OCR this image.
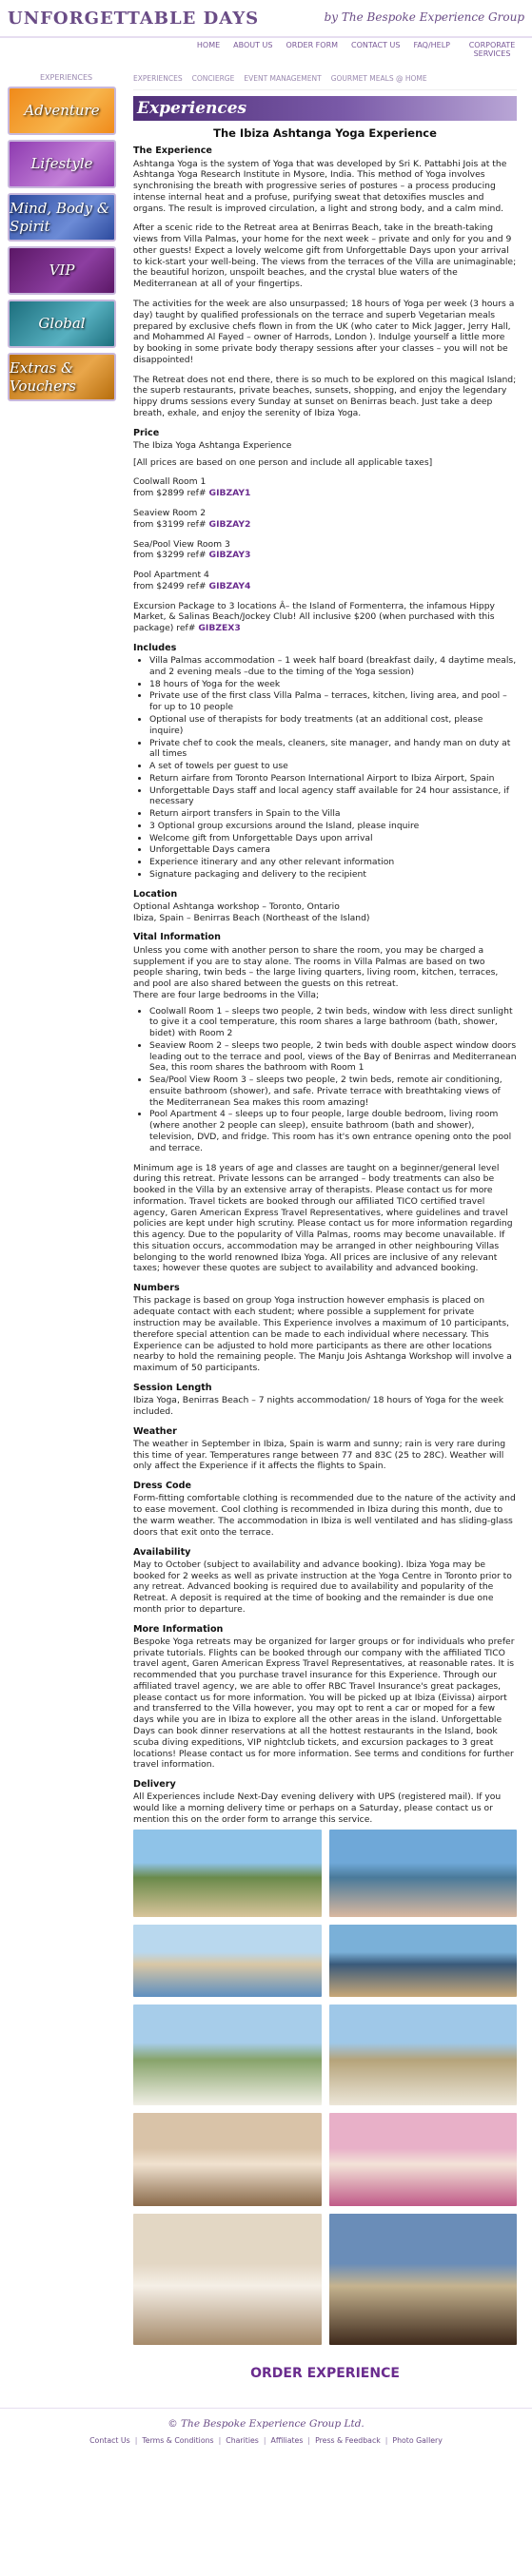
UNFORGETTABLE DAYS	by The Bespoke Experience Group
HOME ABOUT US ORDER FORM CONTACT US FAQ/HELP	CORPORATE SERVICES
EXPERIENCES
Adventure
Lifestyle
Mind, Body & Spirit
VIP
Global
Extras & Vouchers
EXPERIENCES CONCIERGE EVENT MANAGEMENT GOURMET MEALS @ HOME
Experiences
The Ibiza Ashtanga Yoga Experience
The Experience

Ashtanga Yoga is the system of Yoga that was developed by Sri K. Pattabhi Jois at the Ashtanga Yoga Research Institute in Mysore, India. This method of Yoga involves synchronising the breath with progressive series of postures – a process producing intense internal heat and a profuse, purifying sweat that detoxifies muscles and organs. The result is improved circulation, a light and strong body, and a calm mind.

After a scenic ride to the Retreat area at Benirras Beach, take in the breath-taking views from Villa Palmas, your home for the next week – private and only for you and 9 other guests! Expect a lovely welcome gift from Unforgettable Days upon your arrival to kick-start your well-being. The views from the terraces of the Villa are unimaginable; the beautiful horizon, unspoilt beaches, and the crystal blue waters of the Mediterranean at all of your fingertips.

The activities for the week are also unsurpassed; 18 hours of Yoga per week (3 hours a day) taught by qualified professionals on the terrace and superb Vegetarian meals prepared by exclusive chefs flown in from the UK (who cater to Mick Jagger, Jerry Hall, and Mohammed Al Fayed – owner of Harrods, London ). Indulge yourself a little more by booking in some private body therapy sessions after your classes – you will not be disappointed!

The Retreat does not end there, there is so much to be explored on this magical Island; the superb restaurants, private beaches, sunsets, shopping, and enjoy the legendary hippy drums sessions every Sunday at sunset on Benirras beach. Just take a deep breath, exhale, and enjoy the serenity of Ibiza Yoga.

Price

The Ibiza Yoga Ashtanga Experience

[All prices are based on one person and include all applicable taxes]

Coolwall Room 1
from $2899 ref# GIBZAY1

Seaview Room 2
from $3199 ref# GIBZAY2

Sea/Pool View Room 3
from $3299 ref# GIBZAY3

Pool Apartment 4
from $2499 ref# GIBZAY4

Excursion Package to 3 locations Â– the Island of Formenterra, the infamous Hippy Market, & Salinas Beach/Jockey Club! All inclusive $200 (when purchased with this package) ref# GIBZEX3

Includes
• Villa Palmas accommodation – 1 week half board (breakfast daily, 4 daytime meals, and 2 evening meals –due to the timing of the Yoga session)
• 18 hours of Yoga for the week
• Private use of the first class Villa Palma – terraces, kitchen, living area, and pool – for up to 10 people
• Optional use of therapists for body treatments (at an additional cost, please inquire)
• Private chef to cook the meals, cleaners, site manager, and handy man on duty at all times
• A set of towels per guest to use
• Return airfare from Toronto Pearson International Airport to Ibiza Airport, Spain
• Unforgettable Days staff and local agency staff available for 24 hour assistance, if necessary
• Return airport transfers in Spain to the Villa
• 3 Optional group excursions around the Island, please inquire
• Welcome gift from Unforgettable Days upon arrival
• Unforgettable Days camera
• Experience itinerary and any other relevant information
• Signature packaging and delivery to the recipient
Location

Optional Ashtanga workshop – Toronto, Ontario
Ibiza, Spain – Benirras Beach (Northeast of the Island)

Vital Information

Unless you come with another person to share the room, you may be charged a supplement if you are to stay alone. The rooms in Villa Palmas are based on two people sharing, twin beds – the large living quarters, living room, kitchen, terraces, and pool are also shared between the guests on this retreat.
There are four large bedrooms in the Villa;

• Coolwall Room 1 – sleeps two people, 2 twin beds, window with less direct sunlight to give it a cool temperature, this room shares a large bathroom (bath, shower, bidet) with Room 2
• Seaview Room 2 – sleeps two people, 2 twin beds with double aspect window doors leading out to the terrace and pool, views of the Bay of Benirras and Mediterranean Sea, this room shares the bathroom with Room 1
• Sea/Pool View Room 3 – sleeps two people, 2 twin beds, remote air conditioning, ensuite bathroom (shower), and safe. Private terrace with breathtaking views of the Mediterranean Sea makes this room amazing!
• Pool Apartment 4 – sleeps up to four people, large double bedroom, living room (where another 2 people can sleep), ensuite bathroom (bath and shower), television, DVD, and fridge. This room has it's own entrance opening onto the pool and terrace.

Minimum age is 18 years of age and classes are taught on a beginner/general level during this retreat. Private lessons can be arranged – body treatments can also be booked in the Villa by an extensive array of therapists. Please contact us for more information. Travel tickets are booked through our affiliated TICO certified travel agency, Garen American Express Travel Representatives, where guidelines and travel policies are kept under high scrutiny. Please contact us for more information regarding this agency. Due to the popularity of Villa Palmas, rooms may become unavailable. If this situation occurs, accommodation may be arranged in other neighbouring Villas belonging to the world renowned Ibiza Yoga. All prices are inclusive of any relevant taxes; however these quotes are subject to availability and advanced booking.

Numbers

This package is based on group Yoga instruction however emphasis is placed on adequate contact with each student; where possible a supplement for private instruction may be available. This Experience involves a maximum of 10 participants, therefore special attention can be made to each individual where necessary. This Experience can be adjusted to hold more participants as there are other locations nearby to hold the remaining people. The Manju Jois Ashtanga Workshop will involve a maximum of 50 participants.

Session Length

Ibiza Yoga, Benirras Beach – 7 nights accommodation/ 18 hours of Yoga for the week included.

Weather

The weather in September in Ibiza, Spain is warm and sunny; rain is very rare during this time of year. Temperatures range between 77 and 83C (25 to 28C). Weather will only affect the Experience if it affects the flights to Spain.

Dress Code

Form-fitting comfortable clothing is recommended due to the nature of the activity and to ease movement. Cool clothing is recommended in Ibiza during this month, due to the warm weather. The accommodation in Ibiza is well ventilated and has sliding-glass doors that exit onto the terrace.

Availability

May to October (subject to availability and advance booking). Ibiza Yoga may be booked for 2 weeks as well as private instruction at the Yoga Centre in Toronto prior to any retreat. Advanced booking is required due to availability and popularity of the Retreat. A deposit is required at the time of booking and the remainder is due one month prior to departure.

More Information

Bespoke Yoga retreats may be organized for larger groups or for individuals who prefer private tutorials. Flights can be booked through our company with the affiliated TICO travel agent, Garen American Express Travel Representatives, at reasonable rates. It is recommended that you purchase travel insurance for this Experience. Through our affiliated travel agency, we are able to offer RBC Travel Insurance's great packages, please contact us for more information. You will be picked up at Ibiza (Eivissa) airport and transferred to the Villa however, you may opt to rent a car or moped for a few days while you are in Ibiza to explore all the other areas in the island. Unforgettable Days can book dinner reservations at all the hottest restaurants in the Island, book scuba diving expeditions, VIP nightclub tickets, and excursion packages to 3 great locations! Please contact us for more information. See terms and conditions for further travel information.

Delivery

All Experiences include Next-Day evening delivery with UPS (registered mail). If you would like a morning delivery time or perhaps on a Saturday, please contact us or mention this on the order form to arrange this service.

ORDER EXPERIENCE
© The Bespoke Experience Group Ltd.
Contact Us | Terms & Conditions | Charities | Affiliates | Press & Feedback | Photo Gallery
